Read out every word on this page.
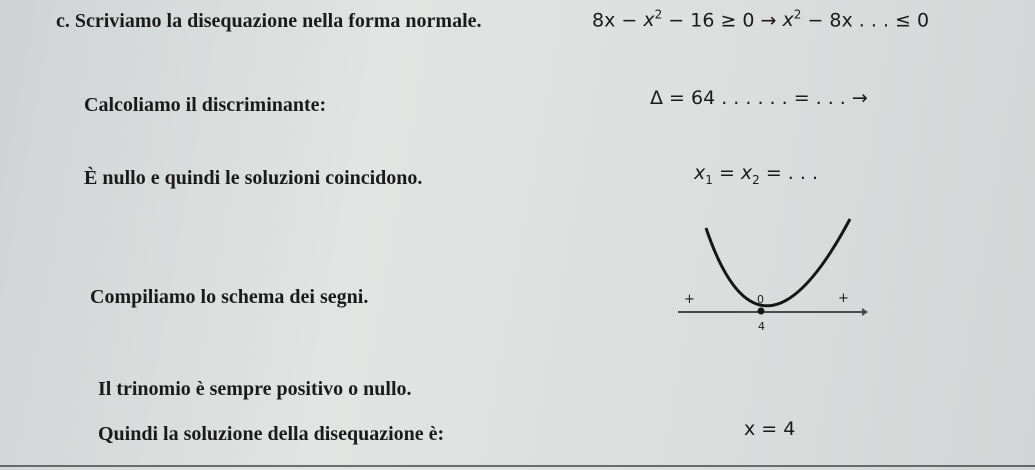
c. Scriviamo la disequazione nella forma normale.	$8x - x^2 - 16 \ge 0 \to x^2 - 8x$ . . . ≤ 0
Calcoliamo il discriminante:	Δ = 64 . . . . . . = . . . →
È nullo e quindi le soluzioni coincidono.	$x_1 = x_2$ = . . .
Compiliamo lo schema dei segni.	+	0	+
4
Il trinomio è sempre positivo o nullo.
Quindi la soluzione della disequazione è:	x = 4
